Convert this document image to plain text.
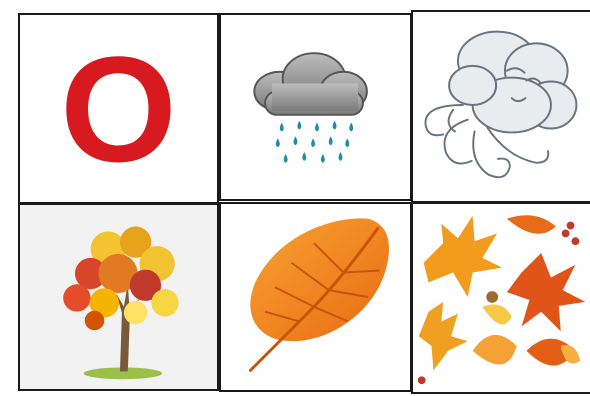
O
